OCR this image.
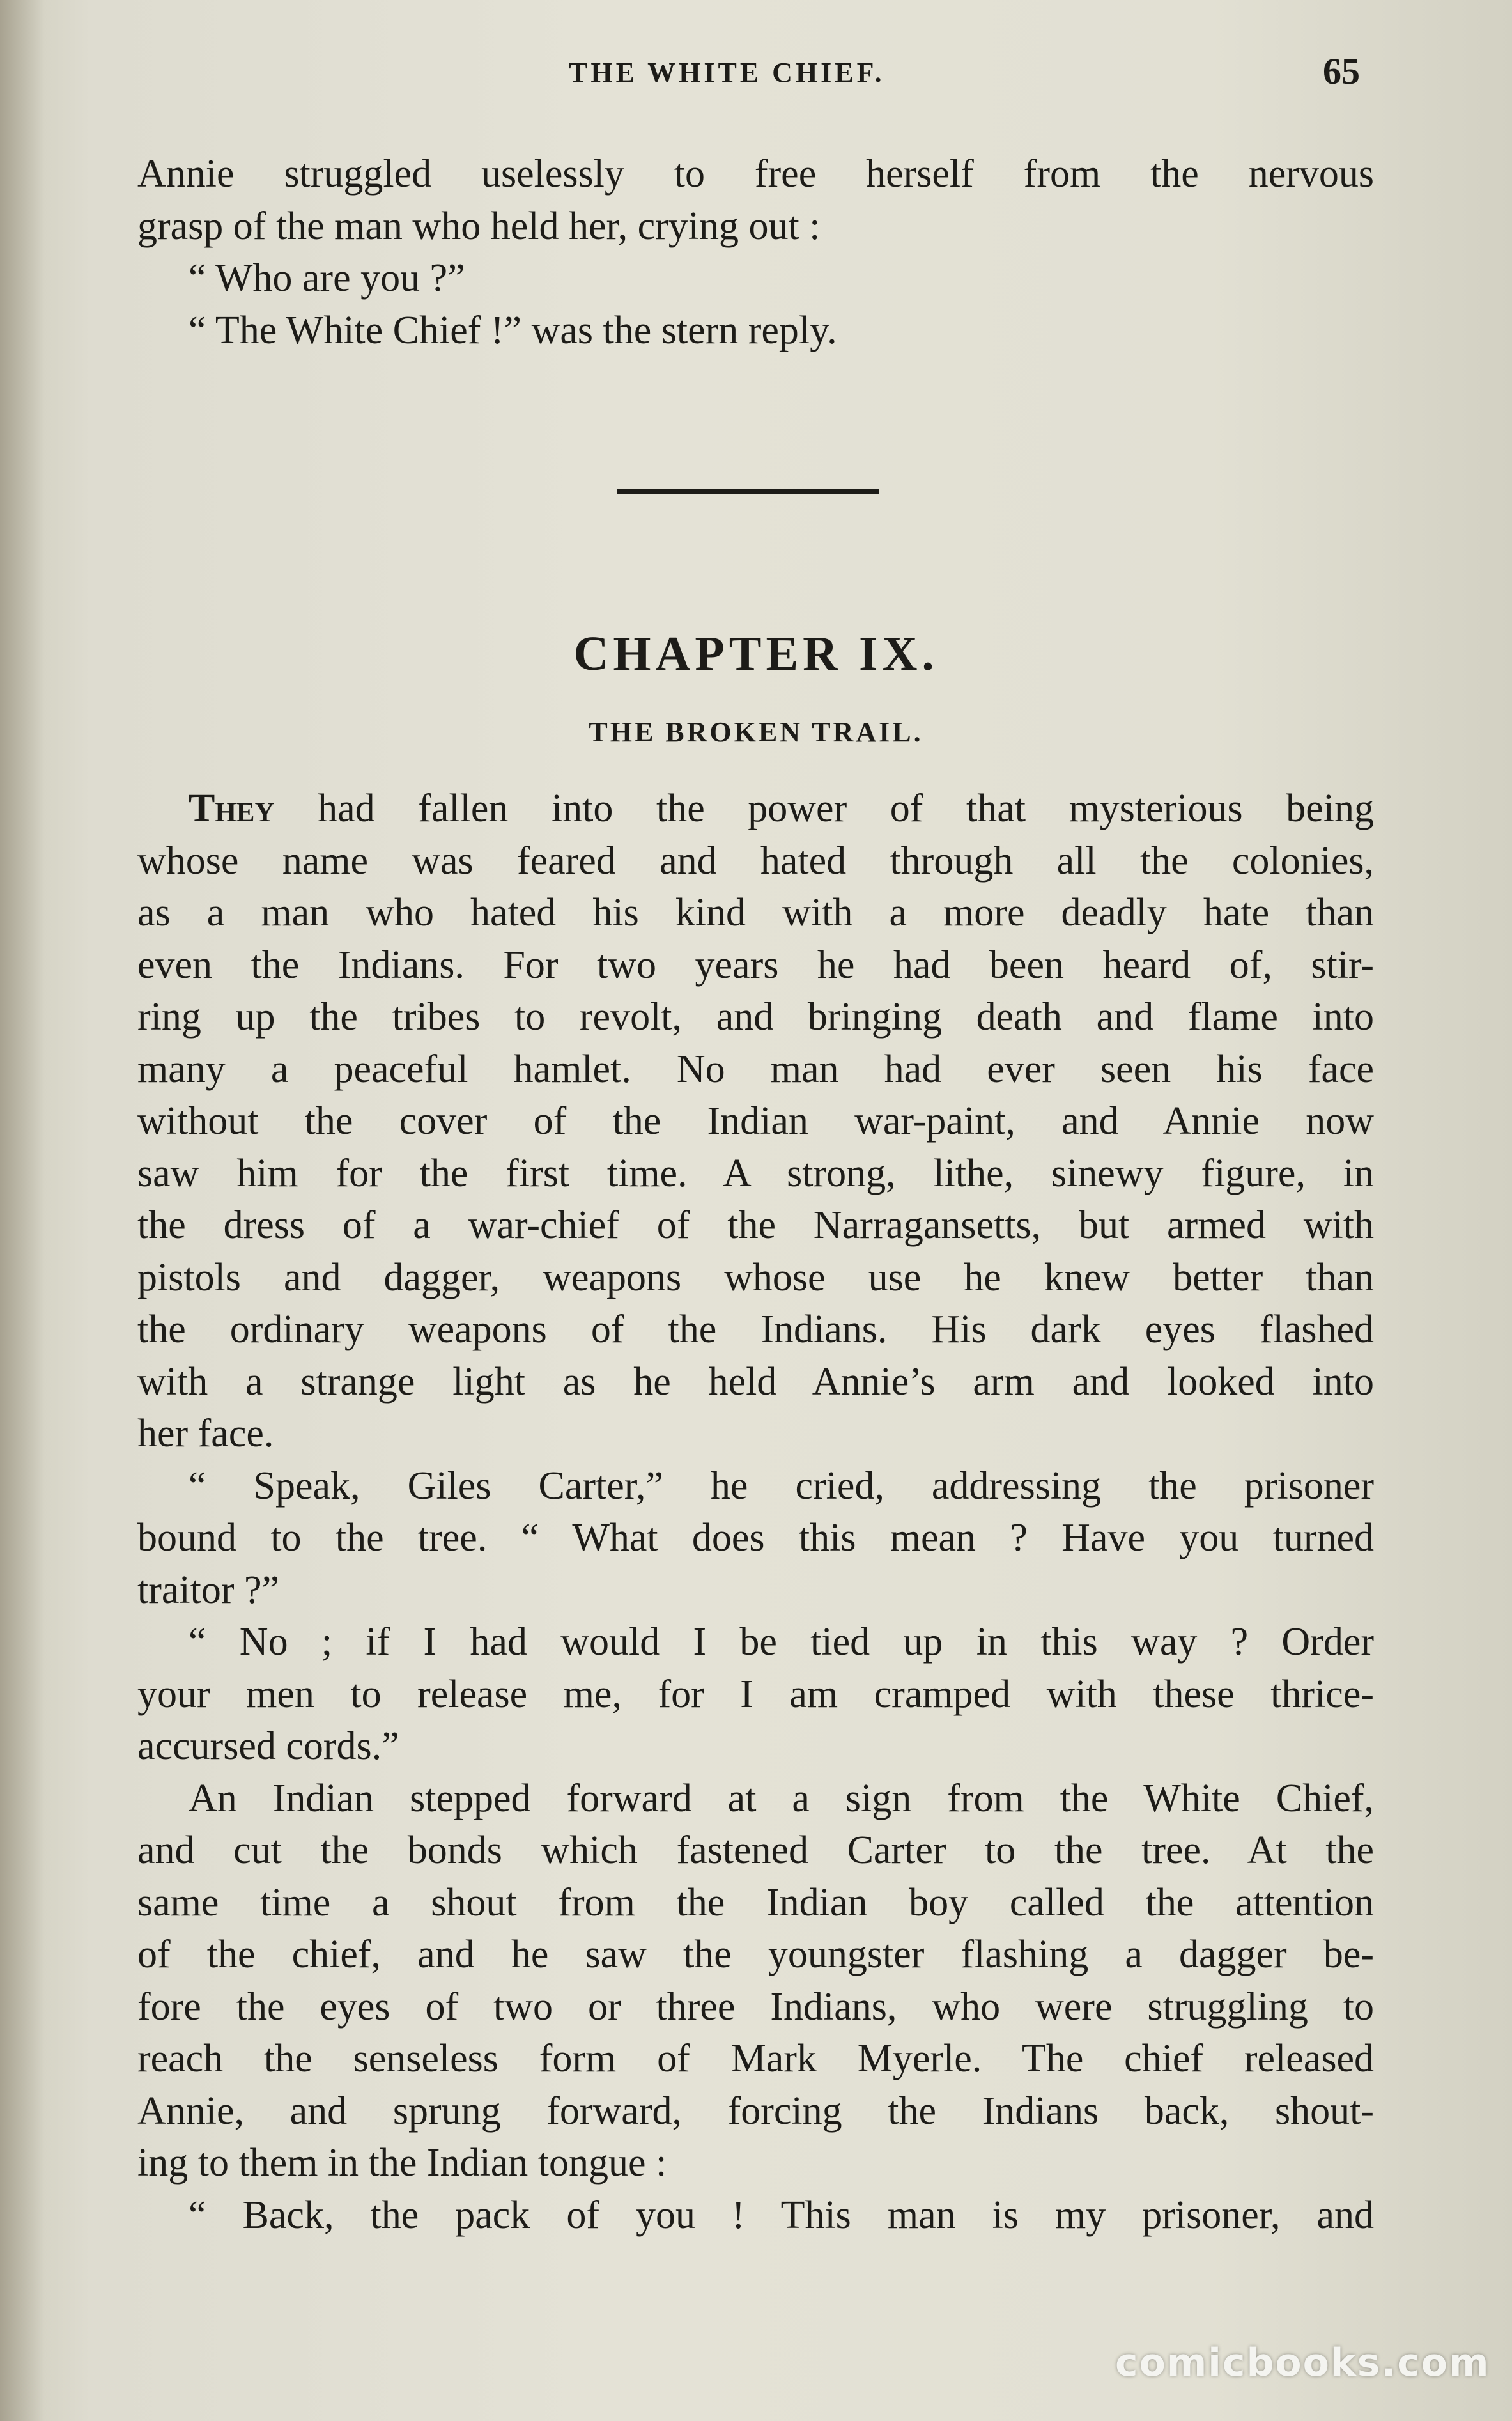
THE WHITE CHIEF.	65
Annie struggled uselessly to free herself from the nervous
grasp of the man who held her, crying out :
“ Who are you ?”
“ The White Chief !” was the stern reply.
CHAPTER IX.
THE BROKEN TRAIL.
They had fallen into the power of that mysterious being
whose name was feared and hated through all the colonies,
as a man who hated his kind with a more deadly hate than
even the Indians. For two years he had been heard of, stir-
ring up the tribes to revolt, and bringing death and flame into
many a peaceful hamlet. No man had ever seen his face
without the cover of the Indian war-paint, and Annie now
saw him for the first time. A strong, lithe, sinewy figure, in
the dress of a war-chief of the Narragansetts, but armed with
pistols and dagger, weapons whose use he knew better than
the ordinary weapons of the Indians. His dark eyes flashed
with a strange light as he held Annie’s arm and looked into
her face.
“ Speak, Giles Carter,” he cried, addressing the prisoner
bound to the tree. “ What does this mean ? Have you turned
traitor ?”
“ No ; if I had would I be tied up in this way ? Order
your men to release me, for I am cramped with these thrice-
accursed cords.”
An Indian stepped forward at a sign from the White Chief,
and cut the bonds which fastened Carter to the tree. At the
same time a shout from the Indian boy called the attention
of the chief, and he saw the youngster flashing a dagger be-
fore the eyes of two or three Indians, who were struggling to
reach the senseless form of Mark Myerle. The chief released
Annie, and sprung forward, forcing the Indians back, shout-
ing to them in the Indian tongue :
“ Back, the pack of you ! This man is my prisoner, and
comicbooks.com
